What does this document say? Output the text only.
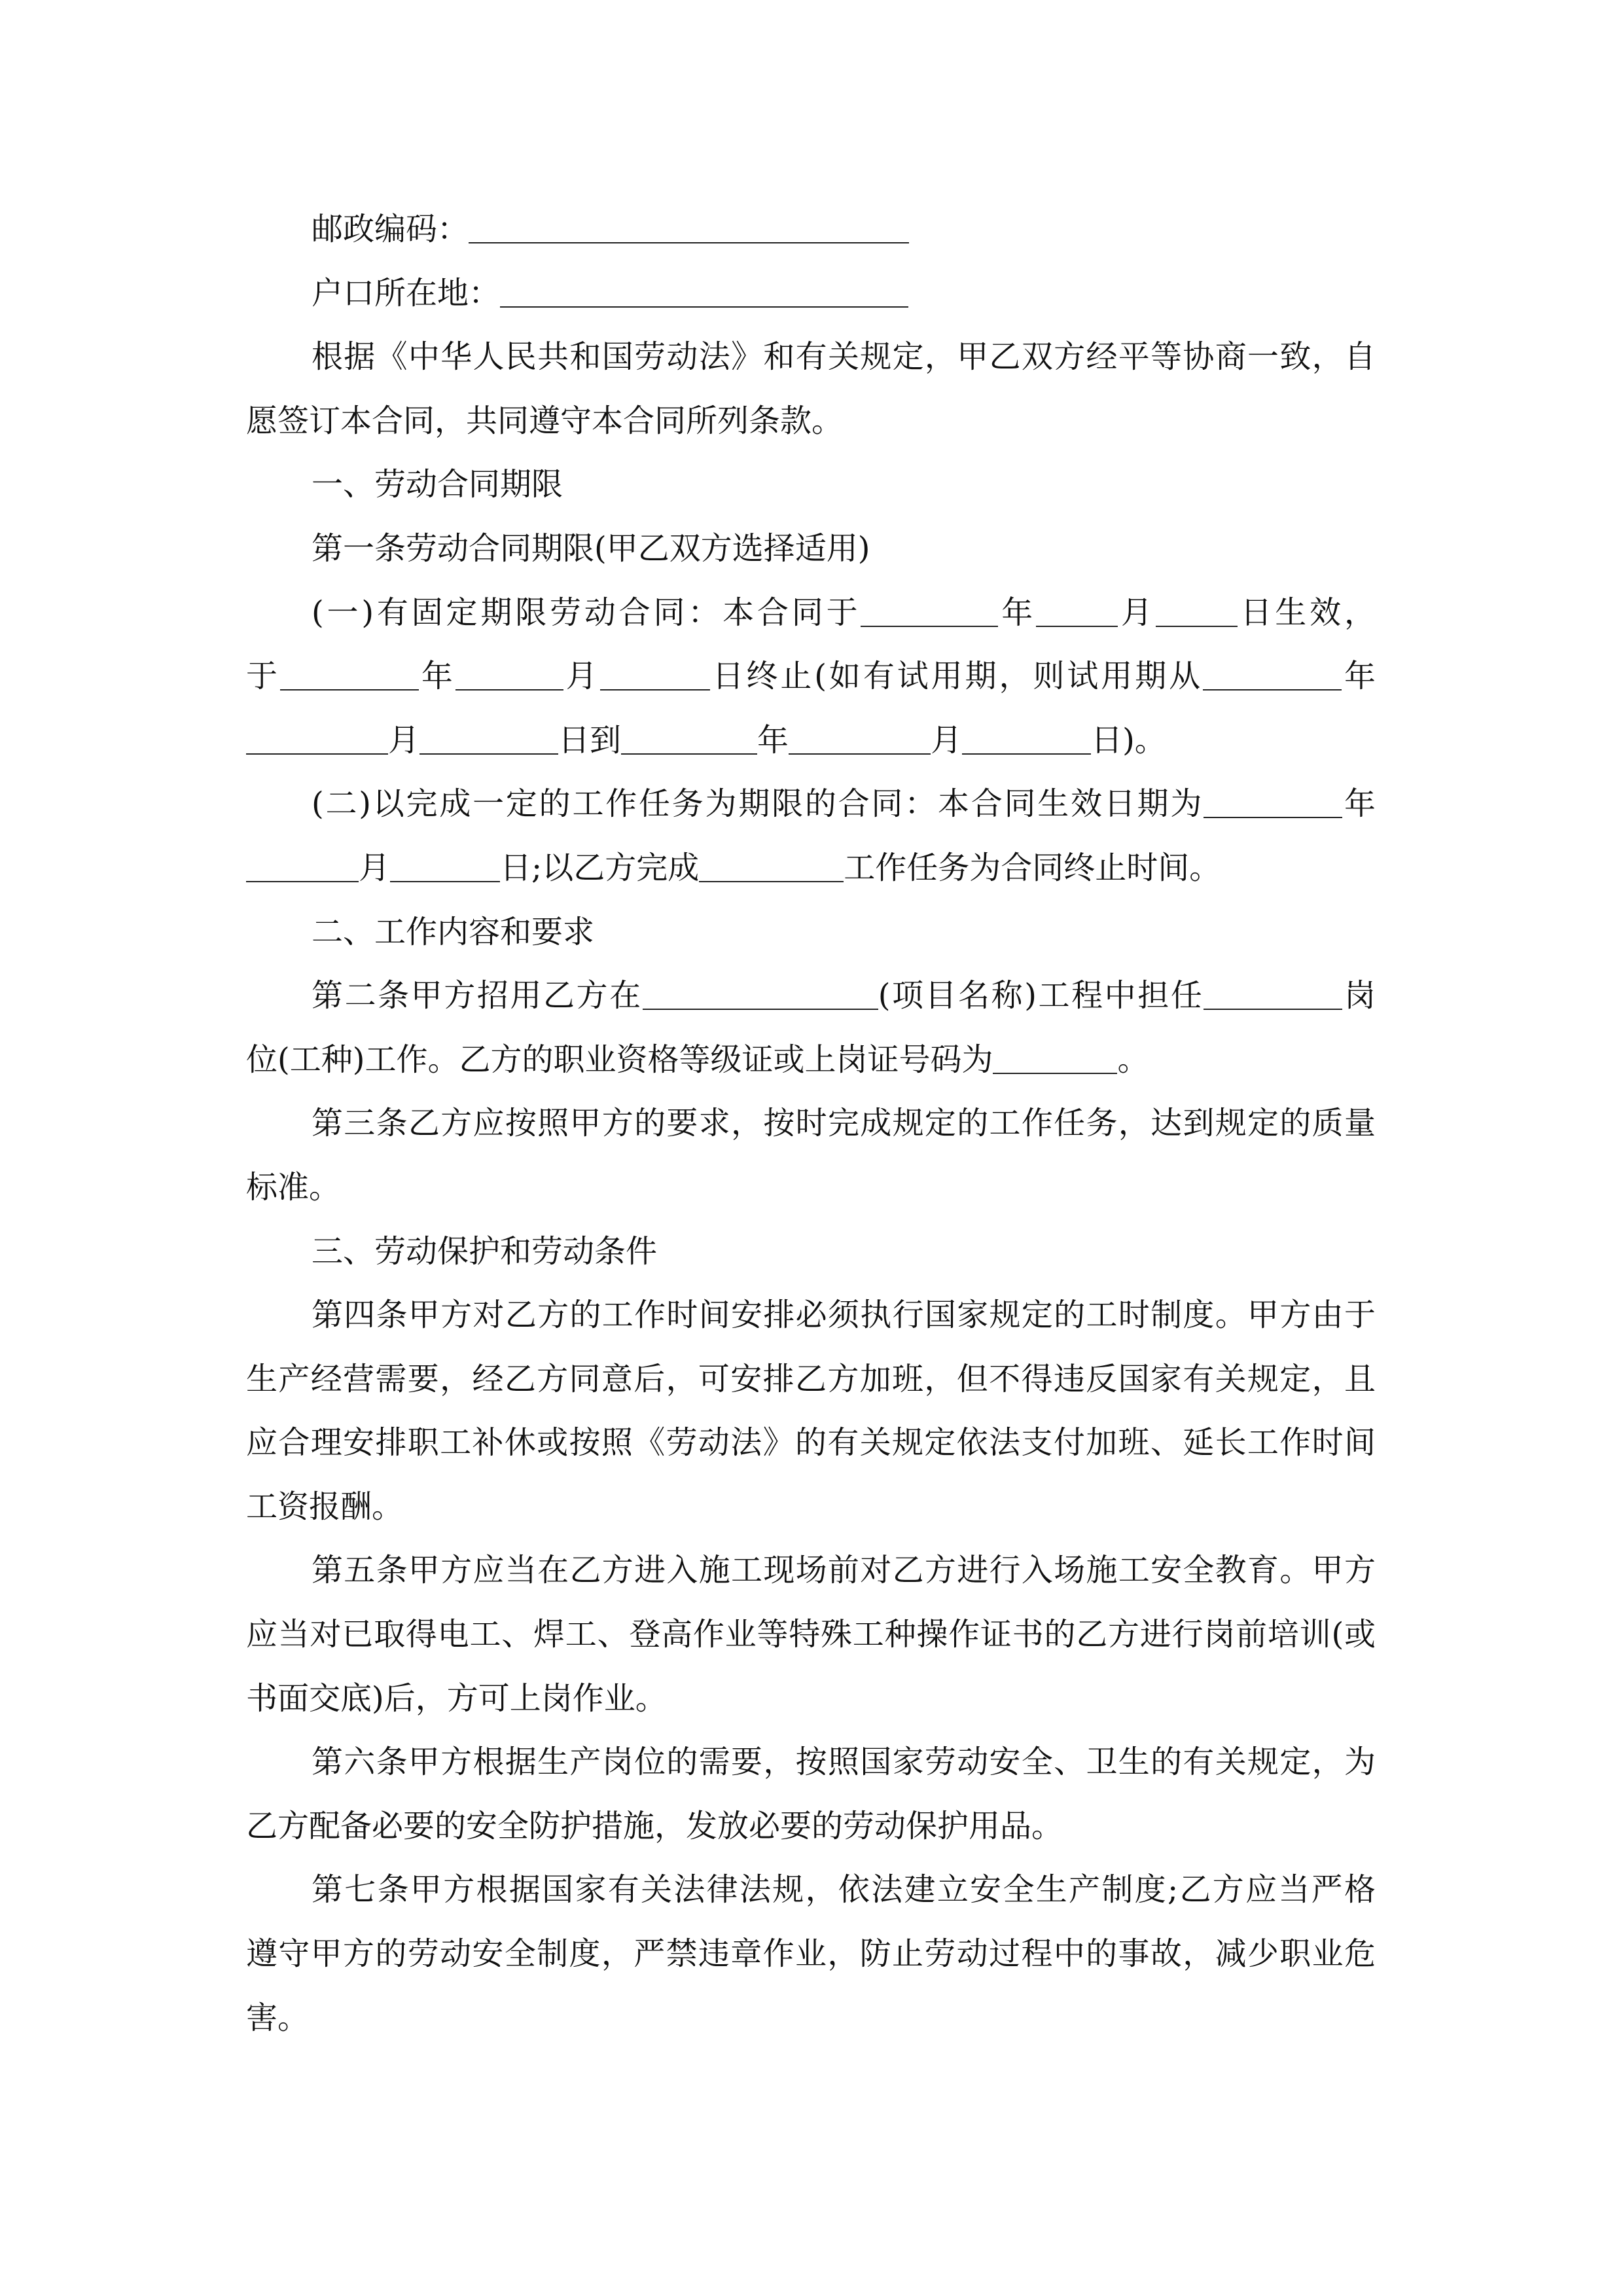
邮政编码：
户口所在地：
根据《中华人民共和国劳动法》和有关规定，甲乙双方经平等协商一致，自
愿签订本合同，共同遵守本合同所列条款。
一、劳动合同期限
第一条劳动合同期限(甲乙双方选择适用)
(一)有固定期限劳动合同：本合同于	年	月	日生效，
于	年	月	日终止(如有试用期，则试用期从	年
月	日到	年	月	日)。
(二)以完成一定的工作任务为期限的合同：本合同生效日期为	年
月	日;以乙方完成	工作任务为合同终止时间。
二、工作内容和要求
第二条甲方招用乙方在	(项目名称)工程中担任	岗
位(工种)工作。乙方的职业资格等级证或上岗证号码为	。
第三条乙方应按照甲方的要求，按时完成规定的工作任务，达到规定的质量
标准。
三、劳动保护和劳动条件
第四条甲方对乙方的工作时间安排必须执行国家规定的工时制度。甲方由于
生产经营需要，经乙方同意后，可安排乙方加班，但不得违反国家有关规定，且
应合理安排职工补休或按照《劳动法》的有关规定依法支付加班、延长工作时间
工资报酬。
第五条甲方应当在乙方进入施工现场前对乙方进行入场施工安全教育。甲方
应当对已取得电工、焊工、登高作业等特殊工种操作证书的乙方进行岗前培训(或
书面交底)后，方可上岗作业。
第六条甲方根据生产岗位的需要，按照国家劳动安全、卫生的有关规定，为
乙方配备必要的安全防护措施，发放必要的劳动保护用品。
第七条甲方根据国家有关法律法规，依法建立安全生产制度;乙方应当严格
遵守甲方的劳动安全制度，严禁违章作业，防止劳动过程中的事故，减少职业危
害。
